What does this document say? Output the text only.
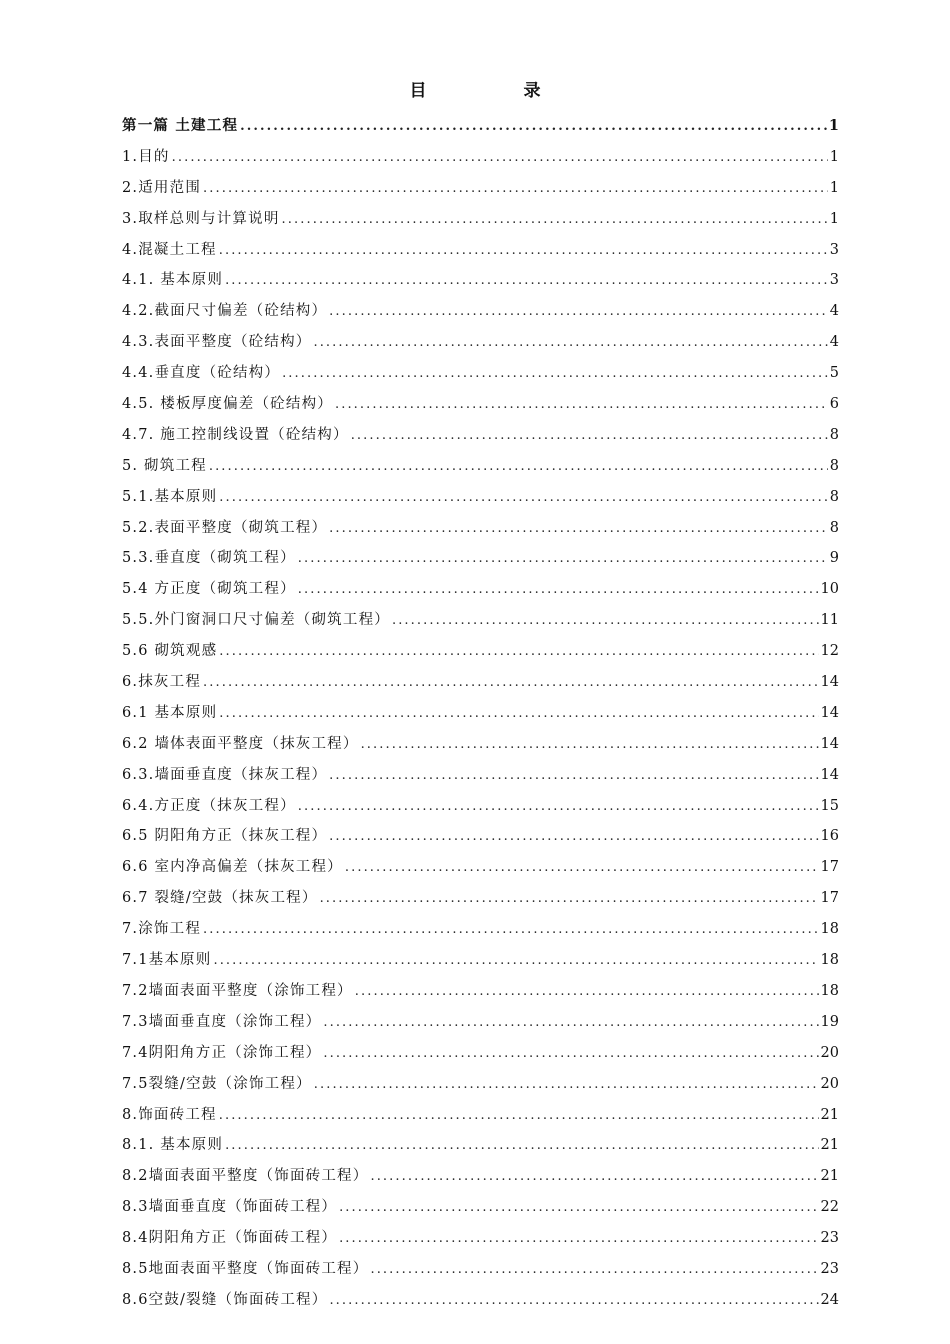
目　录
第一篇 土建工程 .....	1
1.目的 .....	1
2.适用范围 .....	1
3.取样总则与计算说明 .....	1
4.混凝土工程 .....	3
4.1. 基本原则 .....	3
4.2.截面尺寸偏差（砼结构） .....	4
4.3.表面平整度（砼结构） .....	4
4.4.垂直度（砼结构） .....	5
4.5. 楼板厚度偏差（砼结构） .....	6
4.7. 施工控制线设置（砼结构） .....	8
5. 砌筑工程 .....	8
5.1.基本原则 .....	8
5.2.表面平整度（砌筑工程） .....	8
5.3.垂直度（砌筑工程） .....	9
5.4 方正度（砌筑工程） .....	10
5.5.外门窗洞口尺寸偏差（砌筑工程） .....	11
5.6 砌筑观感 .....	12
6.抹灰工程 .....	14
6.1 基本原则 .....	14
6.2 墙体表面平整度（抹灰工程） .....	14
6.3.墙面垂直度（抹灰工程） .....	14
6.4.方正度（抹灰工程） .....	15
6.5 阴阳角方正（抹灰工程） .....	16
6.6 室内净高偏差（抹灰工程） .....	17
6.7 裂缝/空鼓（抹灰工程） .....	17
7.涂饰工程 .....	18
7.1基本原则 .....	18
7.2墙面表面平整度（涂饰工程） .....	18
7.3墙面垂直度（涂饰工程） .....	19
7.4阴阳角方正（涂饰工程） .....	20
7.5裂缝/空鼓（涂饰工程） .....	20
8.饰面砖工程 .....	21
8.1. 基本原则 .....	21
8.2墙面表面平整度（饰面砖工程） .....	21
8.3墙面垂直度（饰面砖工程） .....	22
8.4阴阳角方正（饰面砖工程） .....	23
8.5地面表面平整度（饰面砖工程） .....	23
8.6空鼓/裂缝（饰面砖工程） .....	24
